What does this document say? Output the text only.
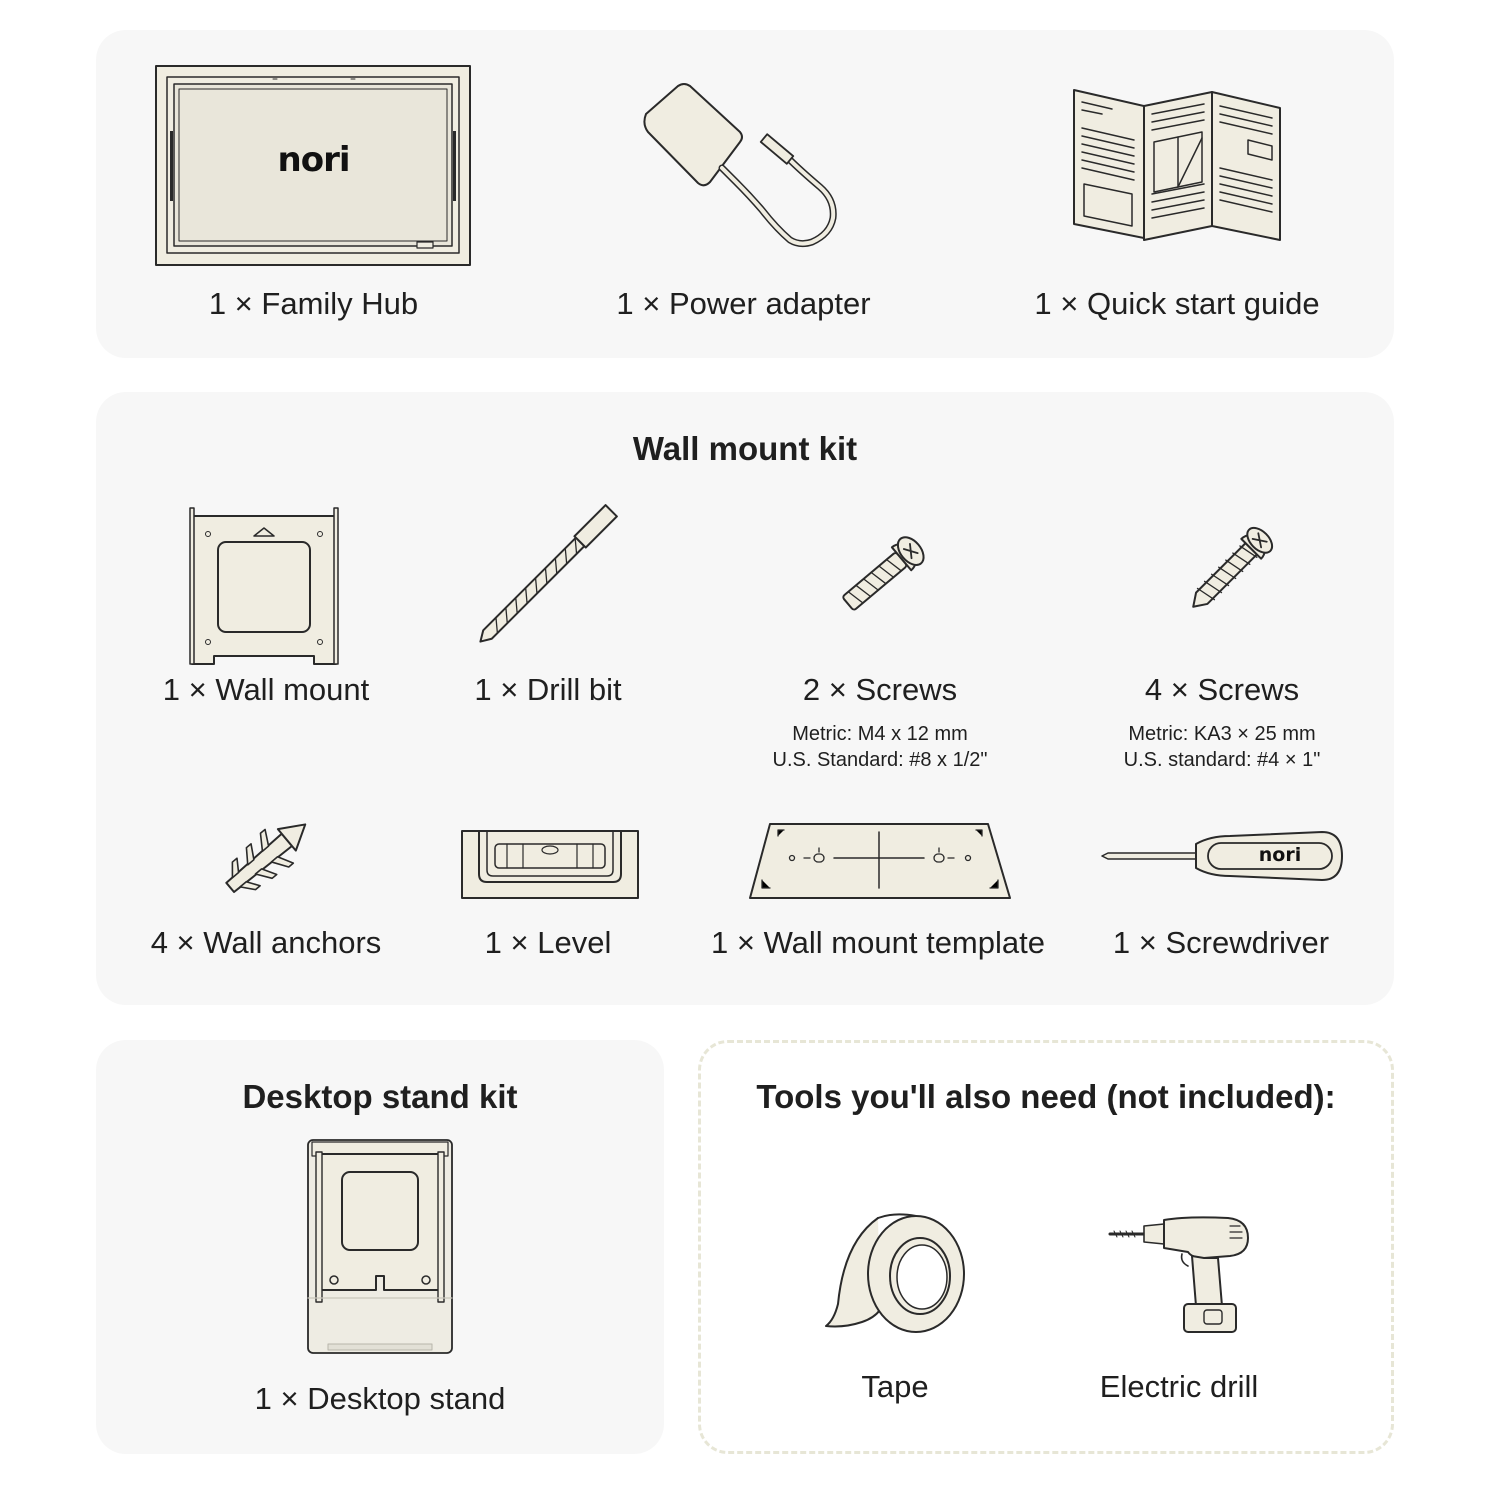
nori
1 × Family Hub	1 × Power adapter	1 × Quick start guide
Wall mount kit
1 × Wall mount	1 × Drill bit	2 × Screws
Metric: M4 x 12 mm
U.S. Standard: #8 x 1/2"
4 × Screws
Metric: KA3 × 25 mm
U.S. standard: #4 × 1"
4 × Wall anchors	1 × Level	1 × Wall mount template
nori
1 × Screwdriver
Desktop stand kit
1 × Desktop stand
Tools you'll also need (not included):
Tape	Electric drill
